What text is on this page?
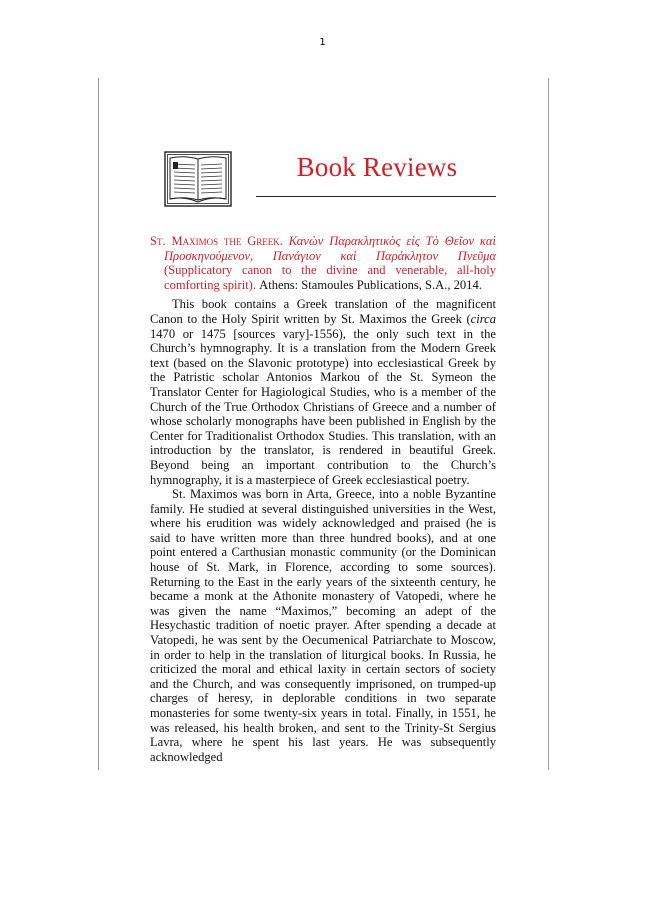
1
Book Reviews

St. Maximos the Greek. Κανὼν Παρακλητικὸς εἰς Τὸ Θεῖον καὶ Προσκηνούμενον, Πανάγιον καὶ Παράκλητον Πνεῦμα (Supplicatory canon to the divine and venerable, all-holy comforting spirit). Athens: Stamoules Publications, S.A., 2014.

This book contains a Greek translation of the magnificent Canon to the Holy Spirit written by St. Maximos the Greek (circa 1470 or 1475 [sources vary]-1556), the only such text in the Church’s hymnography. It is a translation from the Modern Greek text (based on the Slavonic prototype) into ecclesiastical Greek by the Patristic scholar Antonios Markou of the St. Symeon the Translator Center for Hagiological Studies, who is a member of the Church of the True Orthodox Christians of Greece and a number of whose scholarly monographs have been published in English by the Center for Traditionalist Orthodox Studies. This translation, with an introduction by the translator, is rendered in beautiful Greek. Beyond being an important contribution to the Church’s hymnography, it is a masterpiece of Greek ecclesiastical poetry.

St. Maximos was born in Arta, Greece, into a noble Byzantine family. He studied at several distinguished universities in the West, where his erudition was widely acknowledged and praised (he is said to have written more than three hundred books), and at one point entered a Carthusian monastic community (or the Dominican house of St. Mark, in Florence, according to some sources). Returning to the East in the early years of the sixteenth century, he became a monk at the Athonite monastery of Vatopedi, where he was given the name “Maximos,” becoming an adept of the Hesychastic tradition of noetic prayer. After spending a decade at Vatopedi, he was sent by the Oecumenical Patriarchate to Moscow, in order to help in the translation of liturgical books. In Russia, he criticized the moral and ethical laxity in certain sectors of society and the Church, and was consequently imprisoned, on trumped-up charges of heresy, in deplorable conditions in two separate monasteries for some twenty-six years in total. Finally, in 1551, he was released, his health broken, and sent to the Trinity-St Sergius Lavra, where he spent his last years. He was subsequently acknowledged
